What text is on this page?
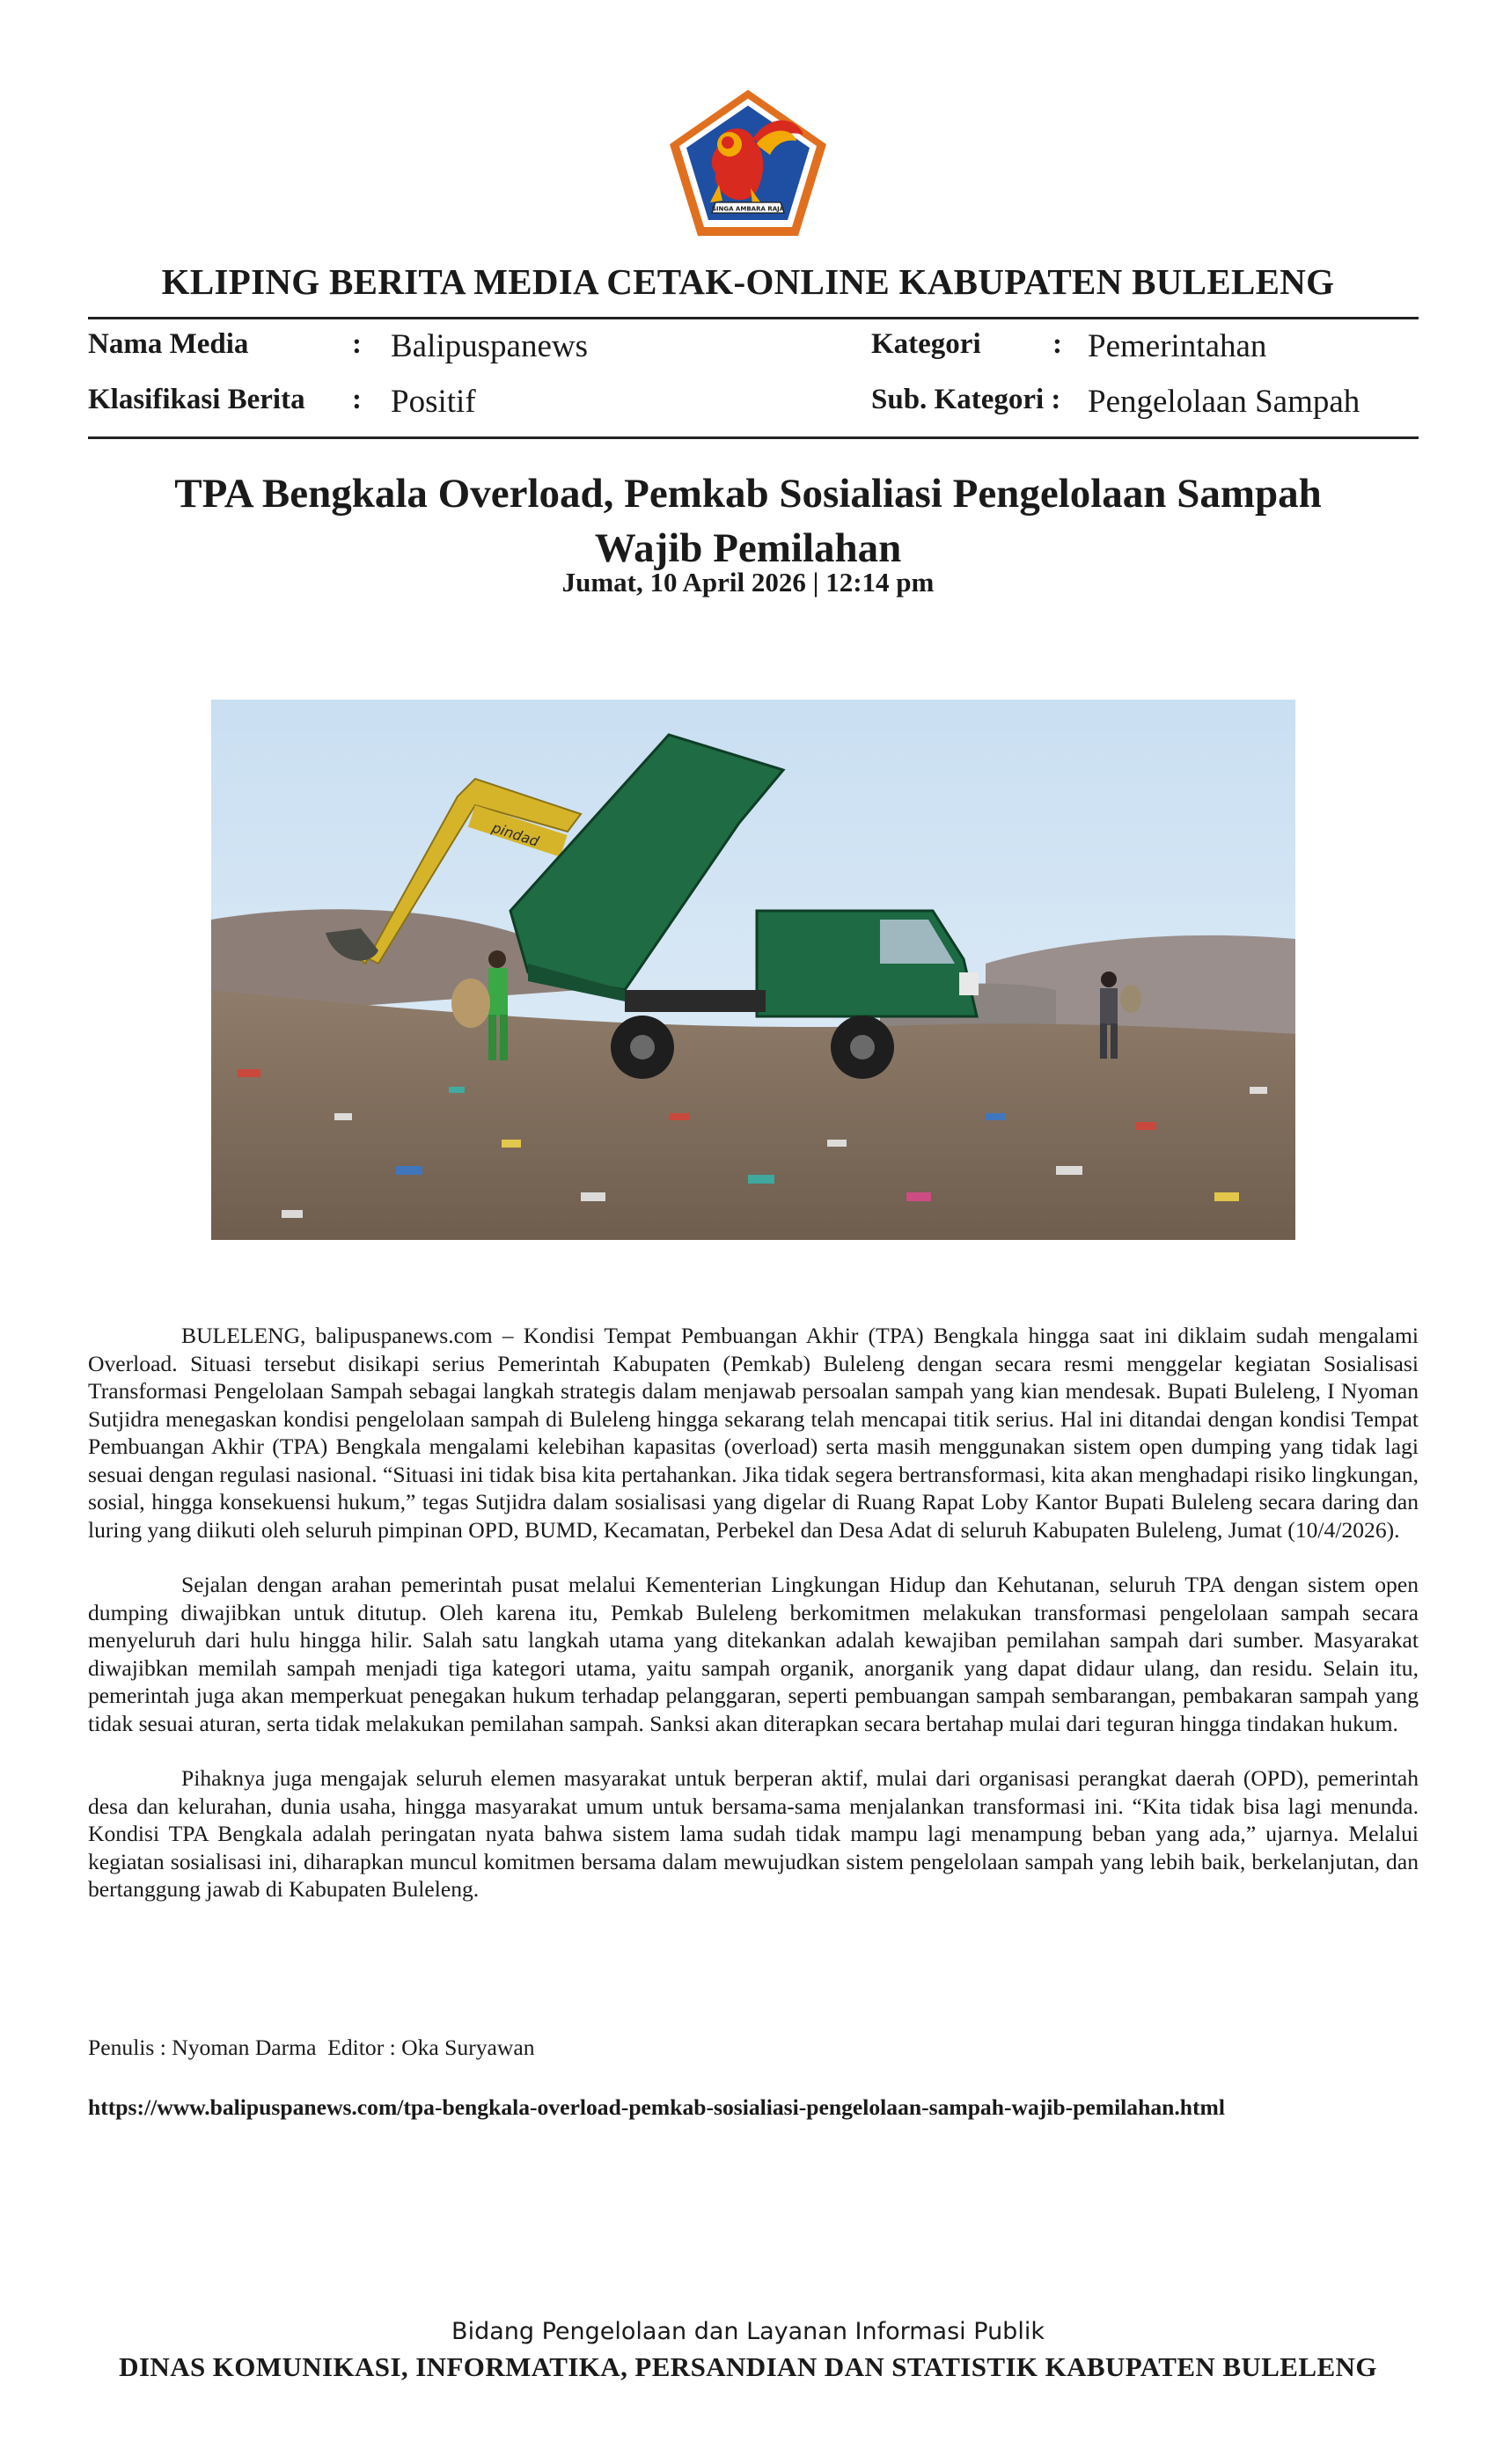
SINGA AMBARA RAJA
KLIPING BERITA MEDIA CETAK-ONLINE KABUPATEN BULELENG
Nama Media	: Balipuspanews	Kategori : Pemerintahan
Klasifikasi Berita : Positif	Sub. Kategori : Pengelolaan Sampah
TPA Bengkala Overload, Pemkab Sosialiasi Pengelolaan Sampah
Wajib Pemilahan
Jumat, 10 April 2026 | 12:14 pm
pindad

BULELENG, balipuspanews.com – Kondisi Tempat Pembuangan Akhir (TPA) Bengkala hingga saat ini diklaim sudah mengalami Overload. Situasi tersebut disikapi serius Pemerintah Kabupaten (Pemkab) Buleleng dengan secara resmi menggelar kegiatan Sosialisasi Transformasi Pengelolaan Sampah sebagai langkah strategis dalam menjawab persoalan sampah yang kian mendesak. Bupati Buleleng, I Nyoman Sutjidra menegaskan kondisi pengelolaan sampah di Buleleng hingga sekarang telah mencapai titik serius. Hal ini ditandai dengan kondisi Tempat Pembuangan Akhir (TPA) Bengkala mengalami kelebihan kapasitas (overload) serta masih menggunakan sistem open dumping yang tidak lagi sesuai dengan regulasi nasional. “Situasi ini tidak bisa kita pertahankan. Jika tidak segera bertransformasi, kita akan menghadapi risiko lingkungan, sosial, hingga konsekuensi hukum,” tegas Sutjidra dalam sosialisasi yang digelar di Ruang Rapat Loby Kantor Bupati Buleleng secara daring dan luring yang diikuti oleh seluruh pimpinan OPD, BUMD, Kecamatan, Perbekel dan Desa Adat di seluruh Kabupaten Buleleng, Jumat (10/4/2026).

Sejalan dengan arahan pemerintah pusat melalui Kementerian Lingkungan Hidup dan Kehutanan, seluruh TPA dengan sistem open dumping diwajibkan untuk ditutup. Oleh karena itu, Pemkab Buleleng berkomitmen melakukan transformasi pengelolaan sampah secara menyeluruh dari hulu hingga hilir. Salah satu langkah utama yang ditekankan adalah kewajiban pemilahan sampah dari sumber. Masyarakat diwajibkan memilah sampah menjadi tiga kategori utama, yaitu sampah organik, anorganik yang dapat didaur ulang, dan residu. Selain itu, pemerintah juga akan memperkuat penegakan hukum terhadap pelanggaran, seperti pembuangan sampah sembarangan, pembakaran sampah yang tidak sesuai aturan, serta tidak melakukan pemilahan sampah. Sanksi akan diterapkan secara bertahap mulai dari teguran hingga tindakan hukum.

Pihaknya juga mengajak seluruh elemen masyarakat untuk berperan aktif, mulai dari organisasi perangkat daerah (OPD), pemerintah desa dan kelurahan, dunia usaha, hingga masyarakat umum untuk bersama-sama menjalankan transformasi ini. “Kita tidak bisa lagi menunda. Kondisi TPA Bengkala adalah peringatan nyata bahwa sistem lama sudah tidak mampu lagi menampung beban yang ada,” ujarnya. Melalui kegiatan sosialisasi ini, diharapkan muncul komitmen bersama dalam mewujudkan sistem pengelolaan sampah yang lebih baik, berkelanjutan, dan bertanggung jawab di Kabupaten Buleleng.

Penulis : Nyoman Darma  Editor : Oka Suryawan
https://www.balipuspanews.com/tpa-bengkala-overload-pemkab-sosialiasi-pengelolaan-sampah-wajib-pemilahan.html
Bidang Pengelolaan dan Layanan Informasi Publik
DINAS KOMUNIKASI, INFORMATIKA, PERSANDIAN DAN STATISTIK KABUPATEN BULELENG
